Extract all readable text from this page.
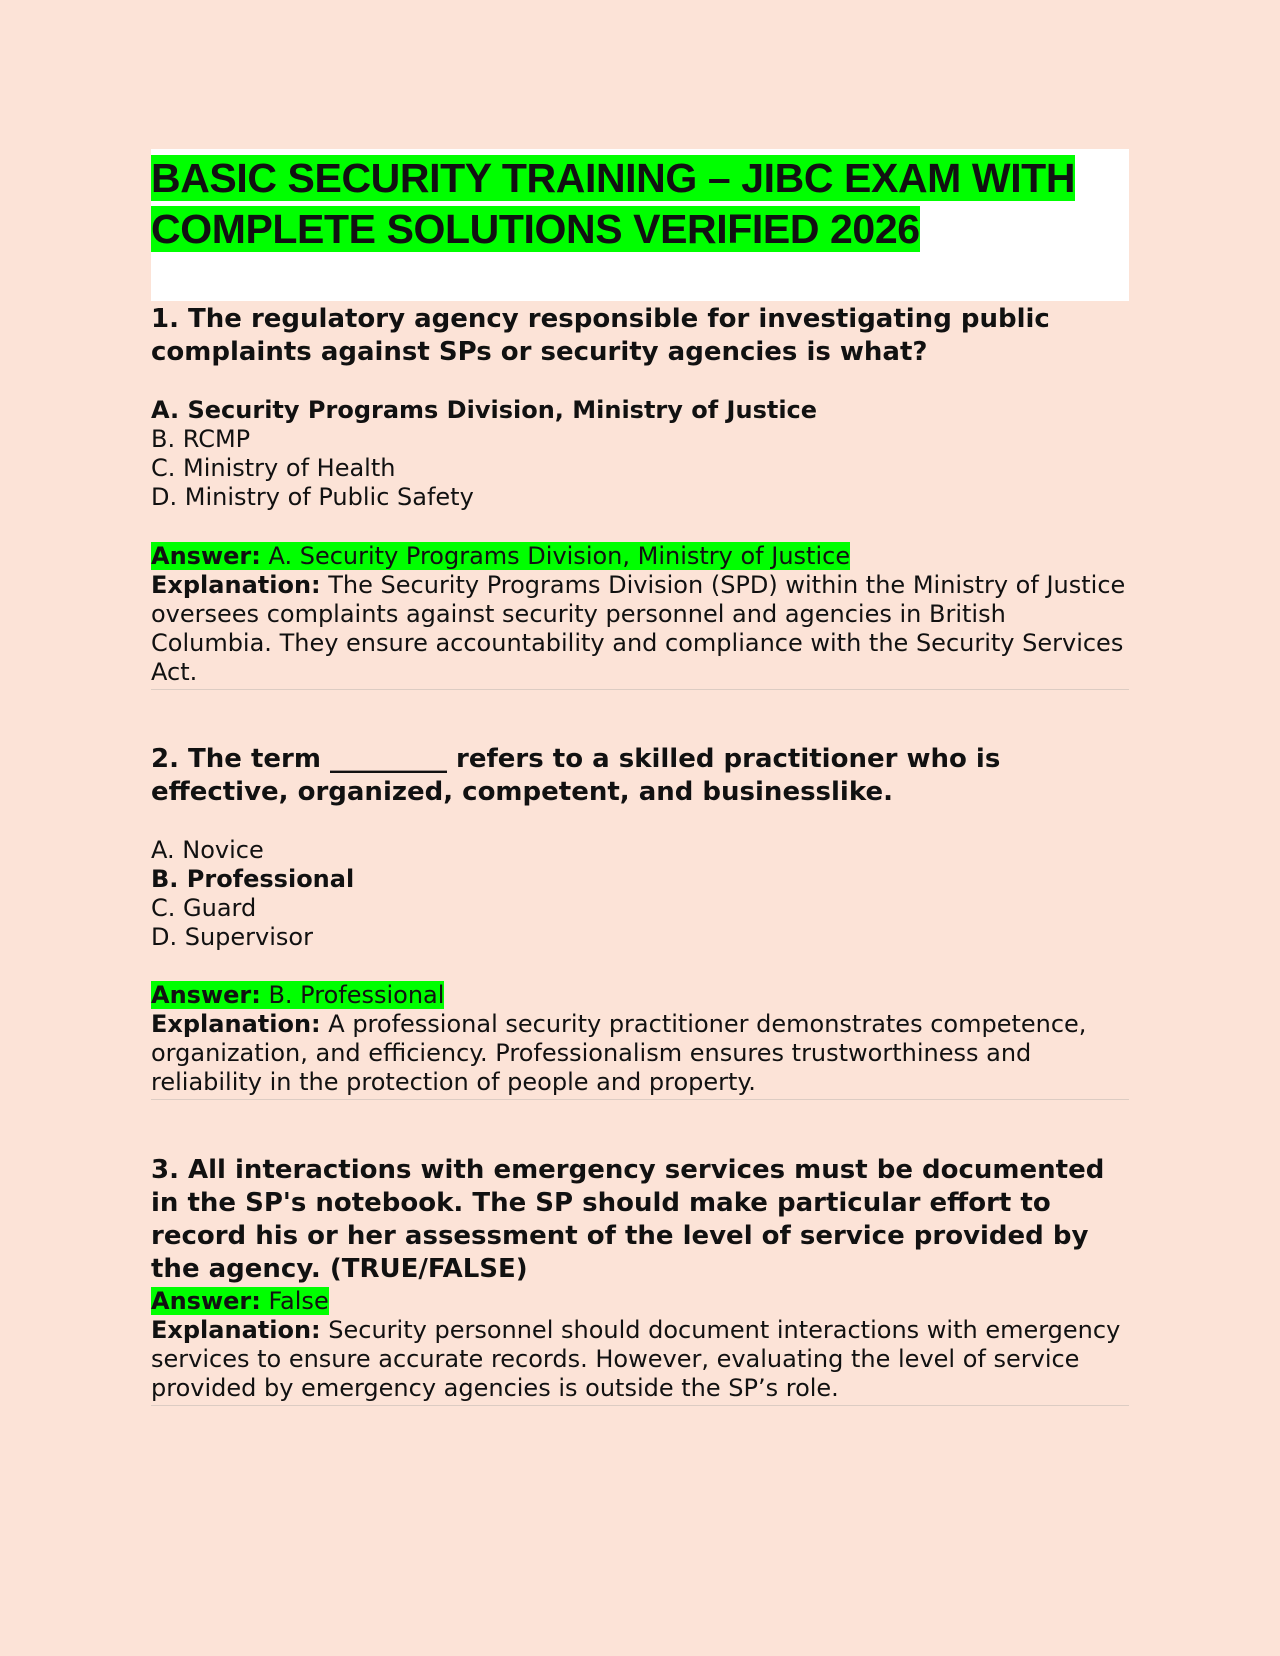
BASIC SECURITY TRAINING – JIBC EXAM WITH COMPLETE SOLUTIONS VERIFIED 2026

1. The regulatory agency responsible for investigating public complaints against SPs or security agencies is what?

A. Security Programs Division, Ministry of Justice
B. RCMP
C. Ministry of Health
D. Ministry of Public Safety

Answer: A. Security Programs Division, Ministry of Justice

Explanation: The Security Programs Division (SPD) within the Ministry of Justice oversees complaints against security personnel and agencies in British Columbia. They ensure accountability and compliance with the Security Services Act.

2. The term _________ refers to a skilled practitioner who is effective, organized, competent, and businesslike.

A. Novice
B. Professional
C. Guard
D. Supervisor

Answer: B. Professional

Explanation: A professional security practitioner demonstrates competence, organization, and efficiency. Professionalism ensures trustworthiness and reliability in the protection of people and property.

3. All interactions with emergency services must be documented in the SP's notebook. The SP should make particular effort to record his or her assessment of the level of service provided by the agency. (TRUE/FALSE)

Answer: False

Explanation: Security personnel should document interactions with emergency services to ensure accurate records. However, evaluating the level of service provided by emergency agencies is outside the SP’s role.
